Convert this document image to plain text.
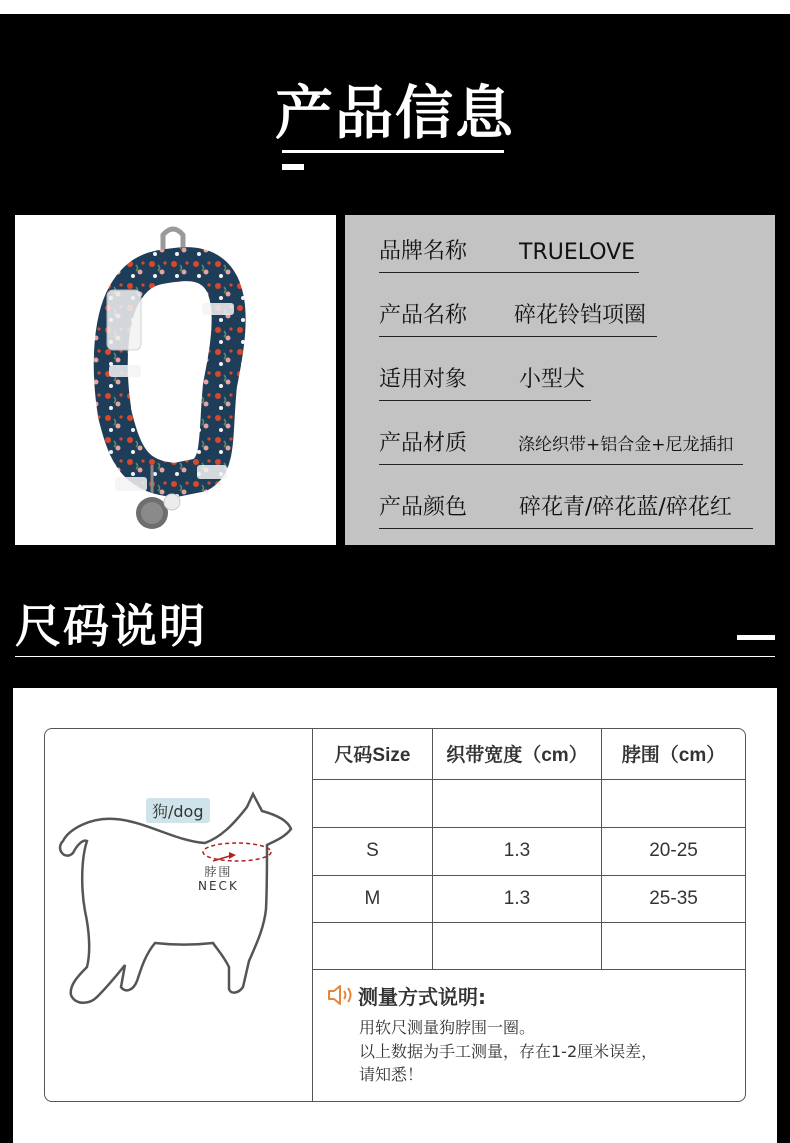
产品信息
品牌名称 TRUELOVE
产品名称 碎花铃铛项圈
适用对象 小型犬
产品材质	涤纶织带+铝合金+尼龙插扣
产品颜色 碎花青/碎花蓝/碎花红
尺码说明
狗/dog
脖围
NECK
尺码Size	织带宽度（cm）	脖围（cm）

S	1.3	20-25
M	1.3	25-35

测量方式说明:
用软尺测量狗脖围一圈。
以上数据为手工测量，存在1-2厘米误差，
请知悉！
